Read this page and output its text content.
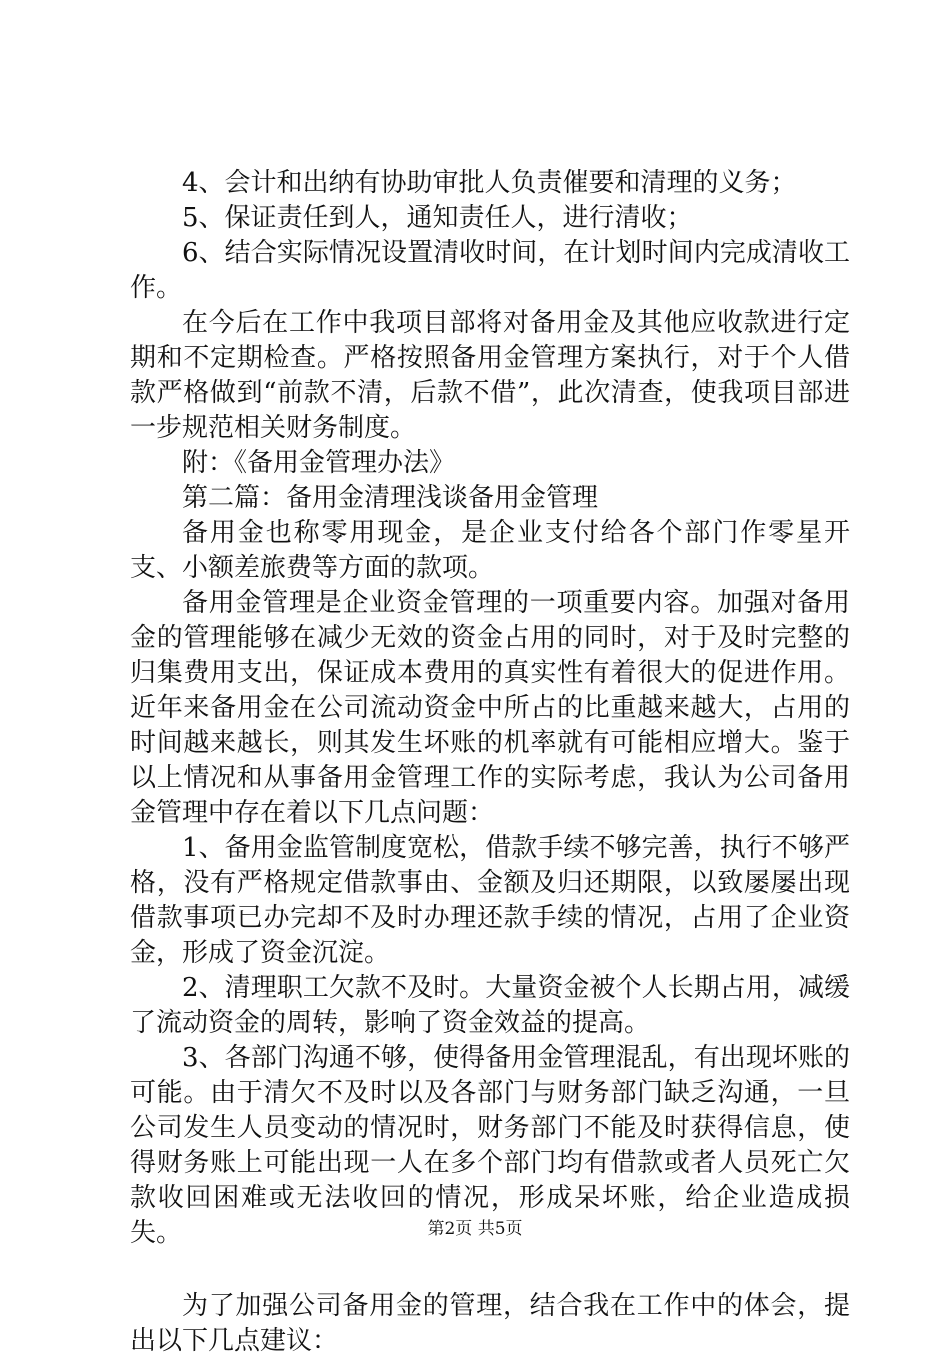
4、会计和出纳有协助审批人负责催要和清理的义务；

5、保证责任到人，通知责任人，进行清收；

6、结合实际情况设置清收时间，在计划时间内完成清收工作。

在今后在工作中我项目部将对备用金及其他应收款进行定期和不定期检查。严格按照备用金管理方案执行，对于个人借款严格做到“前款不清，后款不借”，此次清查，使我项目部进一步规范相关财务制度。

附：《备用金管理办法》

第二篇：备用金清理浅谈备用金管理

备用金也称零用现金，是企业支付给各个部门作零星开支、小额差旅费等方面的款项。

备用金管理是企业资金管理的一项重要内容。加强对备用金的管理能够在减少无效的资金占用的同时，对于及时完整的归集费用支出，保证成本费用的真实性有着很大的促进作用。近年来备用金在公司流动资金中所占的比重越来越大，占用的时间越来越长，则其发生坏账的机率就有可能相应增大。鉴于以上情况和从事备用金管理工作的实际考虑，我认为公司备用金管理中存在着以下几点问题：

1、备用金监管制度宽松，借款手续不够完善，执行不够严格，没有严格规定借款事由、金额及归还期限，以致屡屡出现借款事项已办完却不及时办理还款手续的情况，占用了企业资金，形成了资金沉淀。

2、清理职工欠款不及时。大量资金被个人长期占用，减缓了流动资金的周转，影响了资金效益的提高。

3、各部门沟通不够，使得备用金管理混乱，有出现坏账的可能。由于清欠不及时以及各部门与财务部门缺乏沟通，一旦公司发生人员变动的情况时，财务部门不能及时获得信息，使得财务账上可能出现一人在多个部门均有借款或者人员死亡欠款收回困难或无法收回的情况，形成呆坏账，给企业造成损失。

为了加强公司备用金的管理，结合我在工作中的体会，提出以下几点建议：

第2页 共5页
